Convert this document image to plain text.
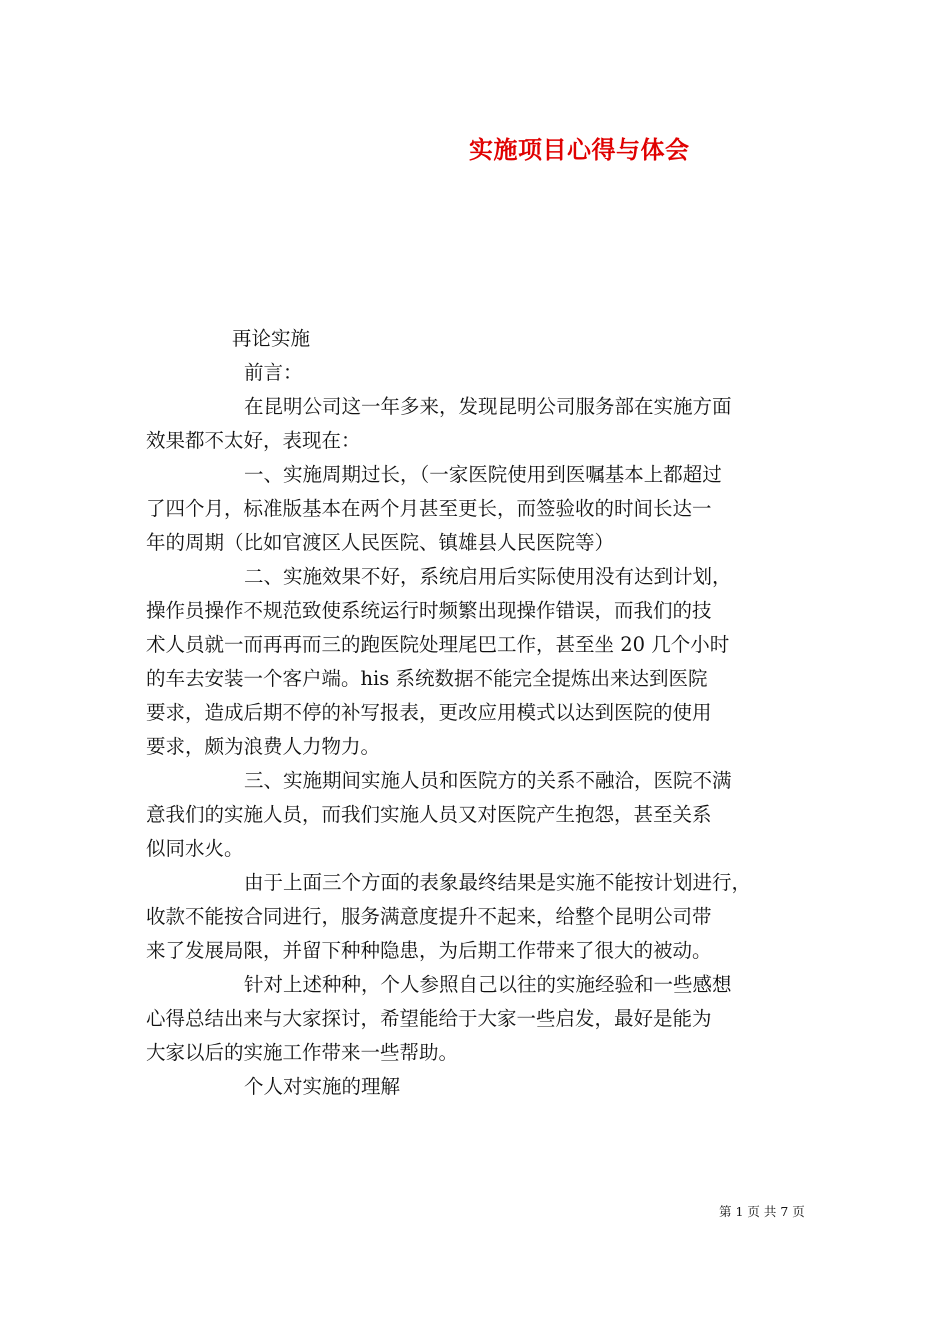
实施项目心得与体会

再论实施

前言：

在昆明公司这一年多来，发现昆明公司服务部在实施方面

效果都不太好，表现在：

一、实施周期过长，（一家医院使用到医嘱基本上都超过

了四个月，标准版基本在两个月甚至更长，而签验收的时间长达一

年的周期（比如官渡区人民医院、镇雄县人民医院等）

二、实施效果不好，系统启用后实际使用没有达到计划，

操作员操作不规范致使系统运行时频繁出现操作错误，而我们的技

术人员就一而再再而三的跑医院处理尾巴工作，甚至坐 20 几个小时

的车去安装一个客户端。his 系统数据不能完全提炼出来达到医院

要求，造成后期不停的补写报表，更改应用模式以达到医院的使用

要求，颇为浪费人力物力。

三、实施期间实施人员和医院方的关系不融洽，医院不满

意我们的实施人员，而我们实施人员又对医院产生抱怨，甚至关系

似同水火。

由于上面三个方面的表象最终结果是实施不能按计划进行，

收款不能按合同进行，服务满意度提升不起来，给整个昆明公司带

来了发展局限，并留下种种隐患，为后期工作带来了很大的被动。

针对上述种种，个人参照自己以往的实施经验和一些感想

心得总结出来与大家探讨，希望能给于大家一些启发，最好是能为

大家以后的实施工作带来一些帮助。

个人对实施的理解

第 1 页 共 7 页
